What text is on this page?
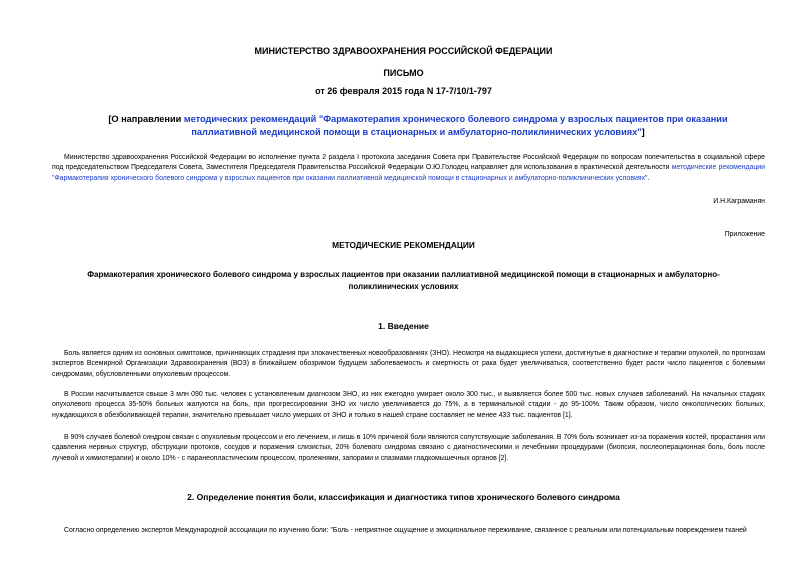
МИНИСТЕРСТВО ЗДРАВООХРАНЕНИЯ РОССИЙСКОЙ ФЕДЕРАЦИИ
ПИСЬМО
от 26 февраля 2015 года N 17-7/10/1-797
[О направлении методических рекомендаций "Фармакотерапия хронического болевого синдрома у взрослых пациентов при оказании паллиативной медицинской помощи в стационарных и амбулаторно-поликлинических условиях"]
Министерство здравоохранения Российской Федерации во исполнение пункта 2 раздела I протокола заседания Совета при Правительстве Российской Федерации по вопросам попечительства в социальной сфере под председательством Председателя Совета, Заместителя Председателя Правительства Российской Федерации О.Ю.Голодец направляет для использования в практической деятельности методические рекомендации "Фармакотерапия хронического болевого синдрома у взрослых пациентов при оказании паллиативной медицинской помощи в стационарных и амбулаторно-поликлинических условиях".
И.Н.Каграманян
Приложение
МЕТОДИЧЕСКИЕ РЕКОМЕНДАЦИИ
Фармакотерапия хронического болевого синдрома у взрослых пациентов при оказании паллиативной медицинской помощи в стационарных и амбулаторно-поликлинических условиях
1. Введение
Боль является одним из основных симптомов, причиняющих страдания при злокачественных новообразованиях (ЗНО). Несмотря на выдающиеся успехи, достигнутые в диагностике и терапии опухолей, по прогнозам экспертов Всемирной Организации Здравоохранения (ВОЗ) в ближайшем обозримом будущем заболеваемость и смертность от рака будет увеличиваться, соответственно будет расти число пациентов с болевыми синдромами, обусловленными опухолевым процессом.
В России насчитывается свыше 3 млн 090 тыс. человек с установленным диагнозом ЗНО, из них ежегодно умирает около 300 тыс., и выявляется более 500 тыс. новых случаев заболеваний. На начальных стадиях опухолевого процесса 35-50% больных жалуются на боль, при прогрессировании ЗНО их число увеличивается до 75%, а в терминальной стадии - до 95-100%. Таким образом, число онкологических больных, нуждающихся в обезболивающей терапии, значительно превышает число умерших от ЗНО и только в нашей стране составляет не менее 433 тыс. пациентов [1].
В 90% случаев болевой синдром связан с опухолевым процессом и его лечением, и лишь в 10% причиной боли являются сопутствующие заболевания. В 70% боль возникает из-за поражения костей, прорастания или сдавления нервных структур, обструкции протоков, сосудов и поражения слизистых, 20% болевого синдрома связано с диагностическими и лечебными процедурами (биопсия, послеоперационная боль, боль после лучевой и химиотерапии) и около 10% - с паранеопластическим процессом, пролежнями, запорами и спазмами гладкомышечных органов [2].
2. Определение понятия боли, классификация и диагностика типов хронического болевого синдрома
Согласно определению экспертов Международной ассоциации по изучению боли: "Боль - неприятное ощущение и эмоциональное переживание, связанное с реальным или потенциальным повреждением тканей
